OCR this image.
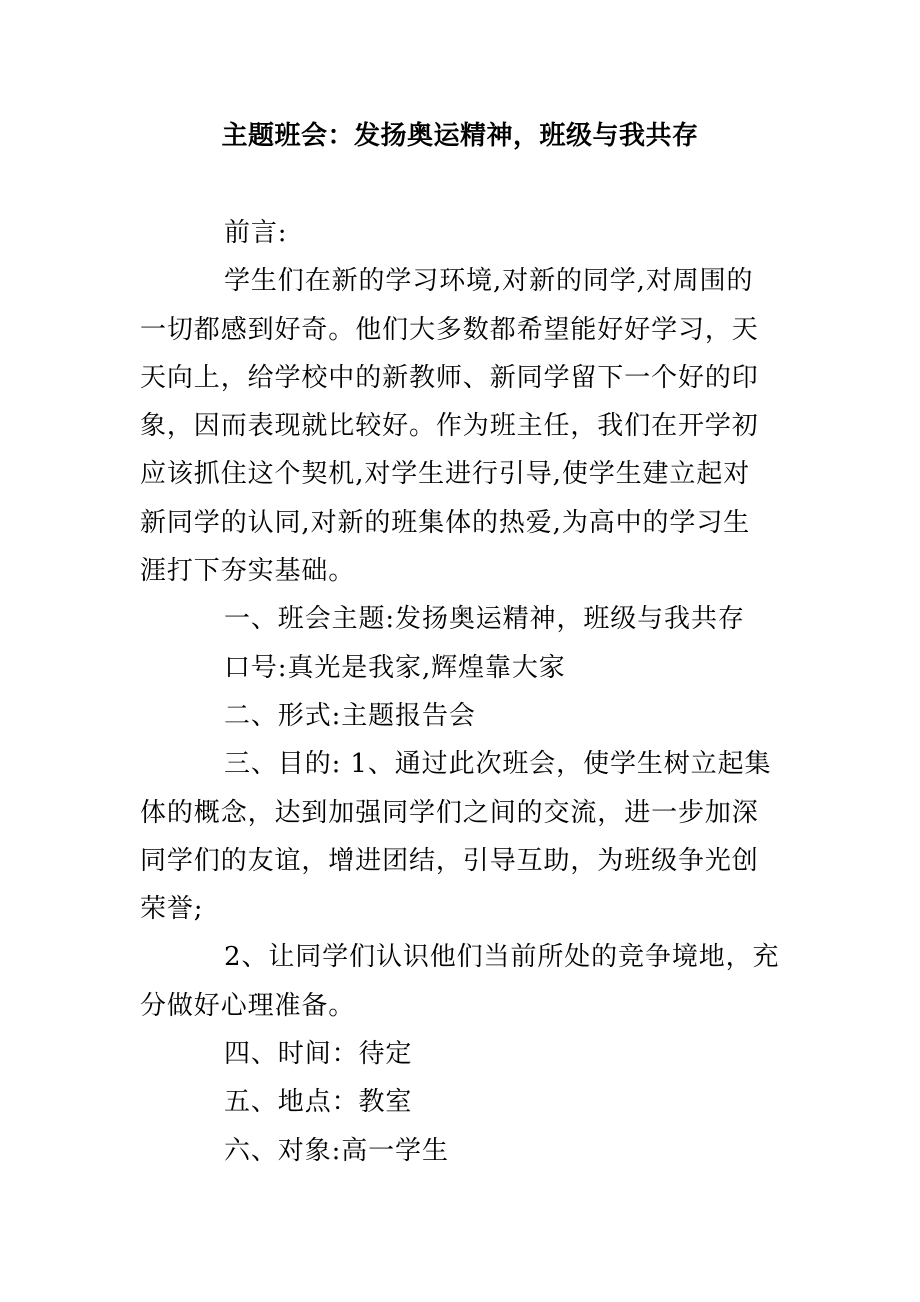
主题班会：发扬奥运精神，班级与我共存
前言:
学生们在新的学习环境,对新的同学,对周围的
一切都感到好奇。他们大多数都希望能好好学习，天
天向上，给学校中的新教师、新同学留下一个好的印
象，因而表现就比较好。作为班主任，我们在开学初
应该抓住这个契机,对学生进行引导,使学生建立起对
新同学的认同,对新的班集体的热爱,为高中的学习生
涯打下夯实基础。
一、班会主题:发扬奥运精神，班级与我共存
口号:真光是我家,辉煌靠大家
二、形式:主题报告会
三、目的: 1、通过此次班会，使学生树立起集
体的概念，达到加强同学们之间的交流，进一步加深
同学们的友谊，增进团结，引导互助，为班级争光创
荣誉;
2、让同学们认识他们当前所处的竞争境地，充
分做好心理准备。
四、时间：待定
五、地点：教室
六、对象:高一学生
